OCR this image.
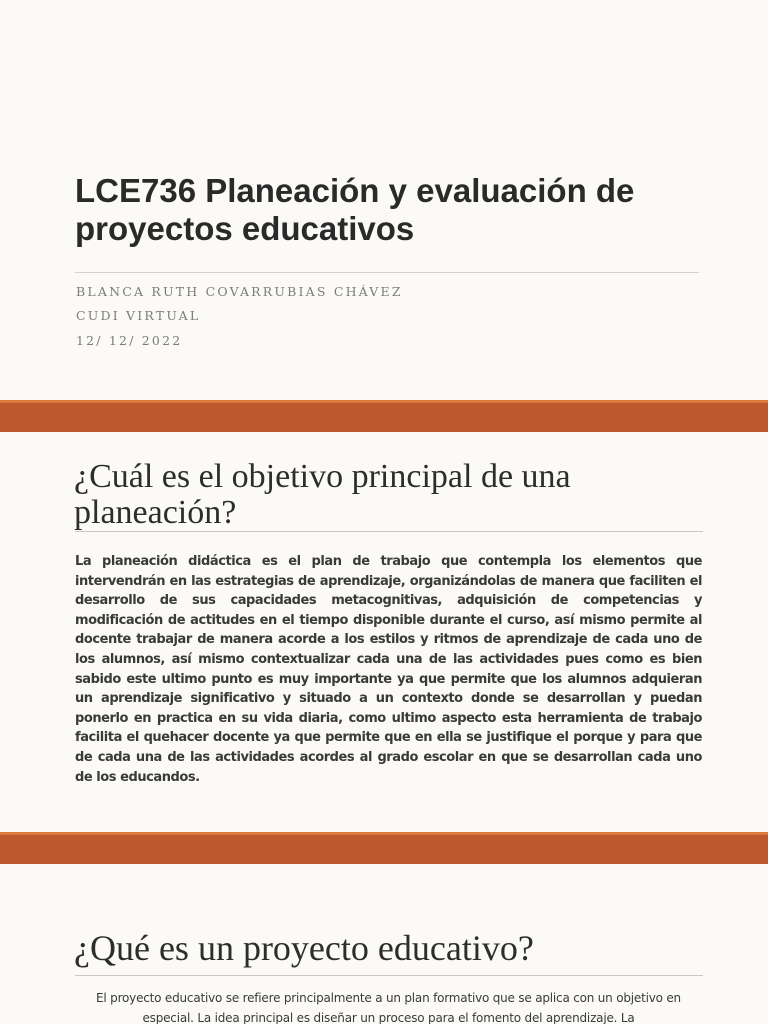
LCE736 Planeación y evaluación de proyectos educativos

BLANCA RUTH COVARRUBIAS CHÁVEZ

CUDI VIRTUAL

12/ 12/ 2022

¿Cuál es el objetivo principal de una planeación?

La planeación didáctica es el plan de trabajo que contempla los elementos que intervendrán en las estrategias de aprendizaje, organizándolas de manera que faciliten el desarrollo de sus capacidades metacognitivas, adquisición de competencias y modificación de actitudes en el tiempo disponible durante el curso, así mismo permite al docente trabajar de manera acorde a los estilos y ritmos de aprendizaje de cada uno de los alumnos, así mismo contextualizar cada una de las actividades pues como es bien sabido este ultimo punto es muy importante ya que permite que los alumnos adquieran un aprendizaje significativo y situado a un contexto donde se desarrollan y puedan ponerlo en practica en su vida diaria, como ultimo aspecto esta herramienta de trabajo facilita el quehacer docente ya que permite que en ella se justifique el porque y para que de cada una de las actividades acordes al grado escolar en que se desarrollan cada uno de los educandos.

¿Qué es un proyecto educativo?

El proyecto educativo se refiere principalmente a un plan formativo que se aplica con un objetivo en especial. La idea principal es diseñar un proceso para el fomento del aprendizaje. La
